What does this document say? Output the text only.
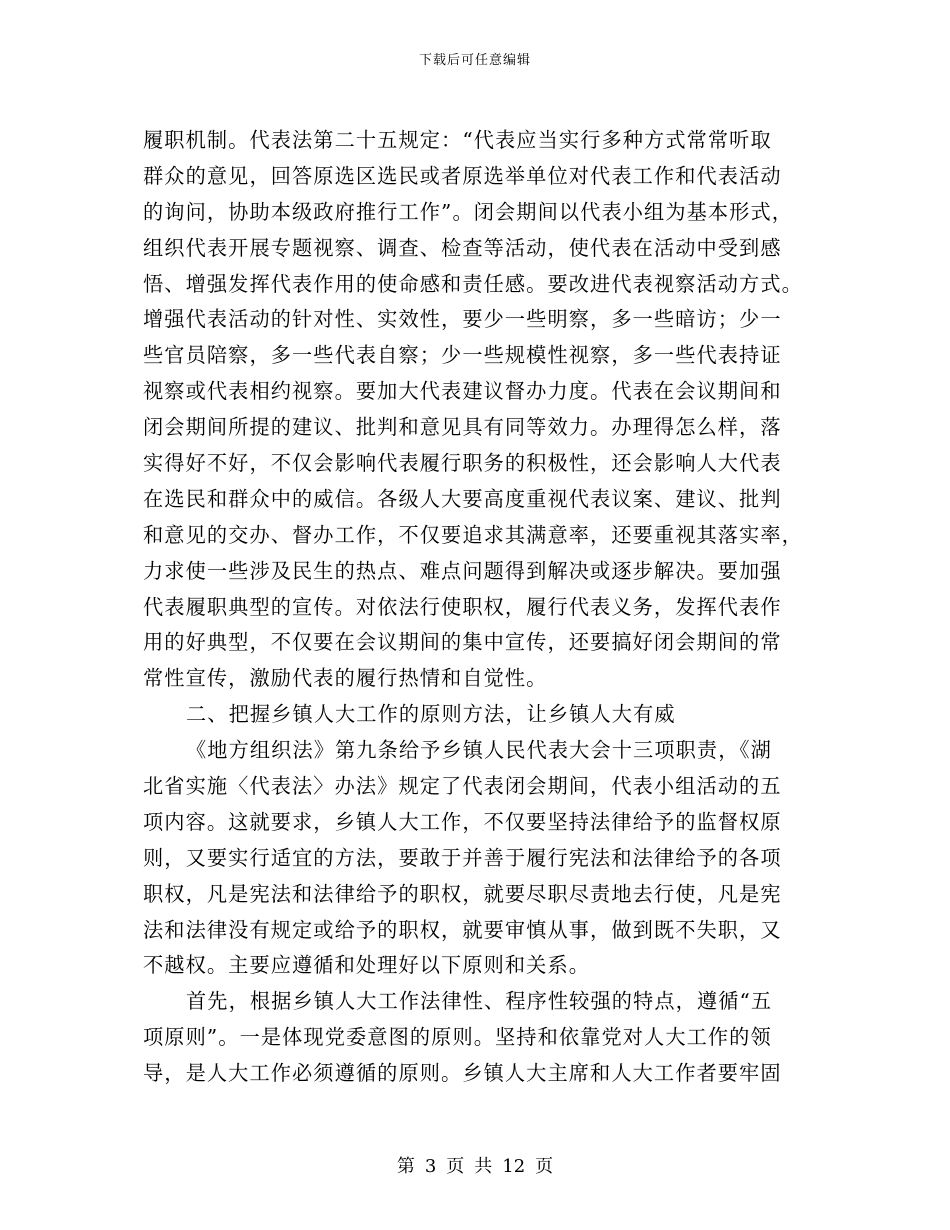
下载后可任意编辑
履职机制。代表法第二十五规定：“代表应当实行多种方式常常听取
群众的意见，回答原选区选民或者原选举单位对代表工作和代表活动
的询问，协助本级政府推行工作”。闭会期间以代表小组为基本形式，
组织代表开展专题视察、调查、检查等活动，使代表在活动中受到感
悟、增强发挥代表作用的使命感和责任感。要改进代表视察活动方式。
增强代表活动的针对性、实效性，要少一些明察，多一些暗访；少一
些官员陪察，多一些代表自察；少一些规模性视察，多一些代表持证
视察或代表相约视察。要加大代表建议督办力度。代表在会议期间和
闭会期间所提的建议、批判和意见具有同等效力。办理得怎么样，落
实得好不好，不仅会影响代表履行职务的积极性，还会影响人大代表
在选民和群众中的威信。各级人大要高度重视代表议案、建议、批判
和意见的交办、督办工作，不仅要追求其满意率，还要重视其落实率，
力求使一些涉及民生的热点、难点问题得到解决或逐步解决。要加强
代表履职典型的宣传。对依法行使职权，履行代表义务，发挥代表作
用的好典型，不仅要在会议期间的集中宣传，还要搞好闭会期间的常
常性宣传，激励代表的履行热情和自觉性。
二、把握乡镇人大工作的原则方法，让乡镇人大有威
《地方组织法》第九条给予乡镇人民代表大会十三项职责，《湖
北省实施〈代表法〉办法》规定了代表闭会期间，代表小组活动的五
项内容。这就要求，乡镇人大工作，不仅要坚持法律给予的监督权原
则，又要实行适宜的方法，要敢于并善于履行宪法和法律给予的各项
职权，凡是宪法和法律给予的职权，就要尽职尽责地去行使，凡是宪
法和法律没有规定或给予的职权，就要审慎从事，做到既不失职，又
不越权。主要应遵循和处理好以下原则和关系。
首先，根据乡镇人大工作法律性、程序性较强的特点，遵循“五
项原则”。一是体现党委意图的原则。坚持和依靠党对人大工作的领
导，是人大工作必须遵循的原则。乡镇人大主席和人大工作者要牢固
第 3 页 共 12 页
